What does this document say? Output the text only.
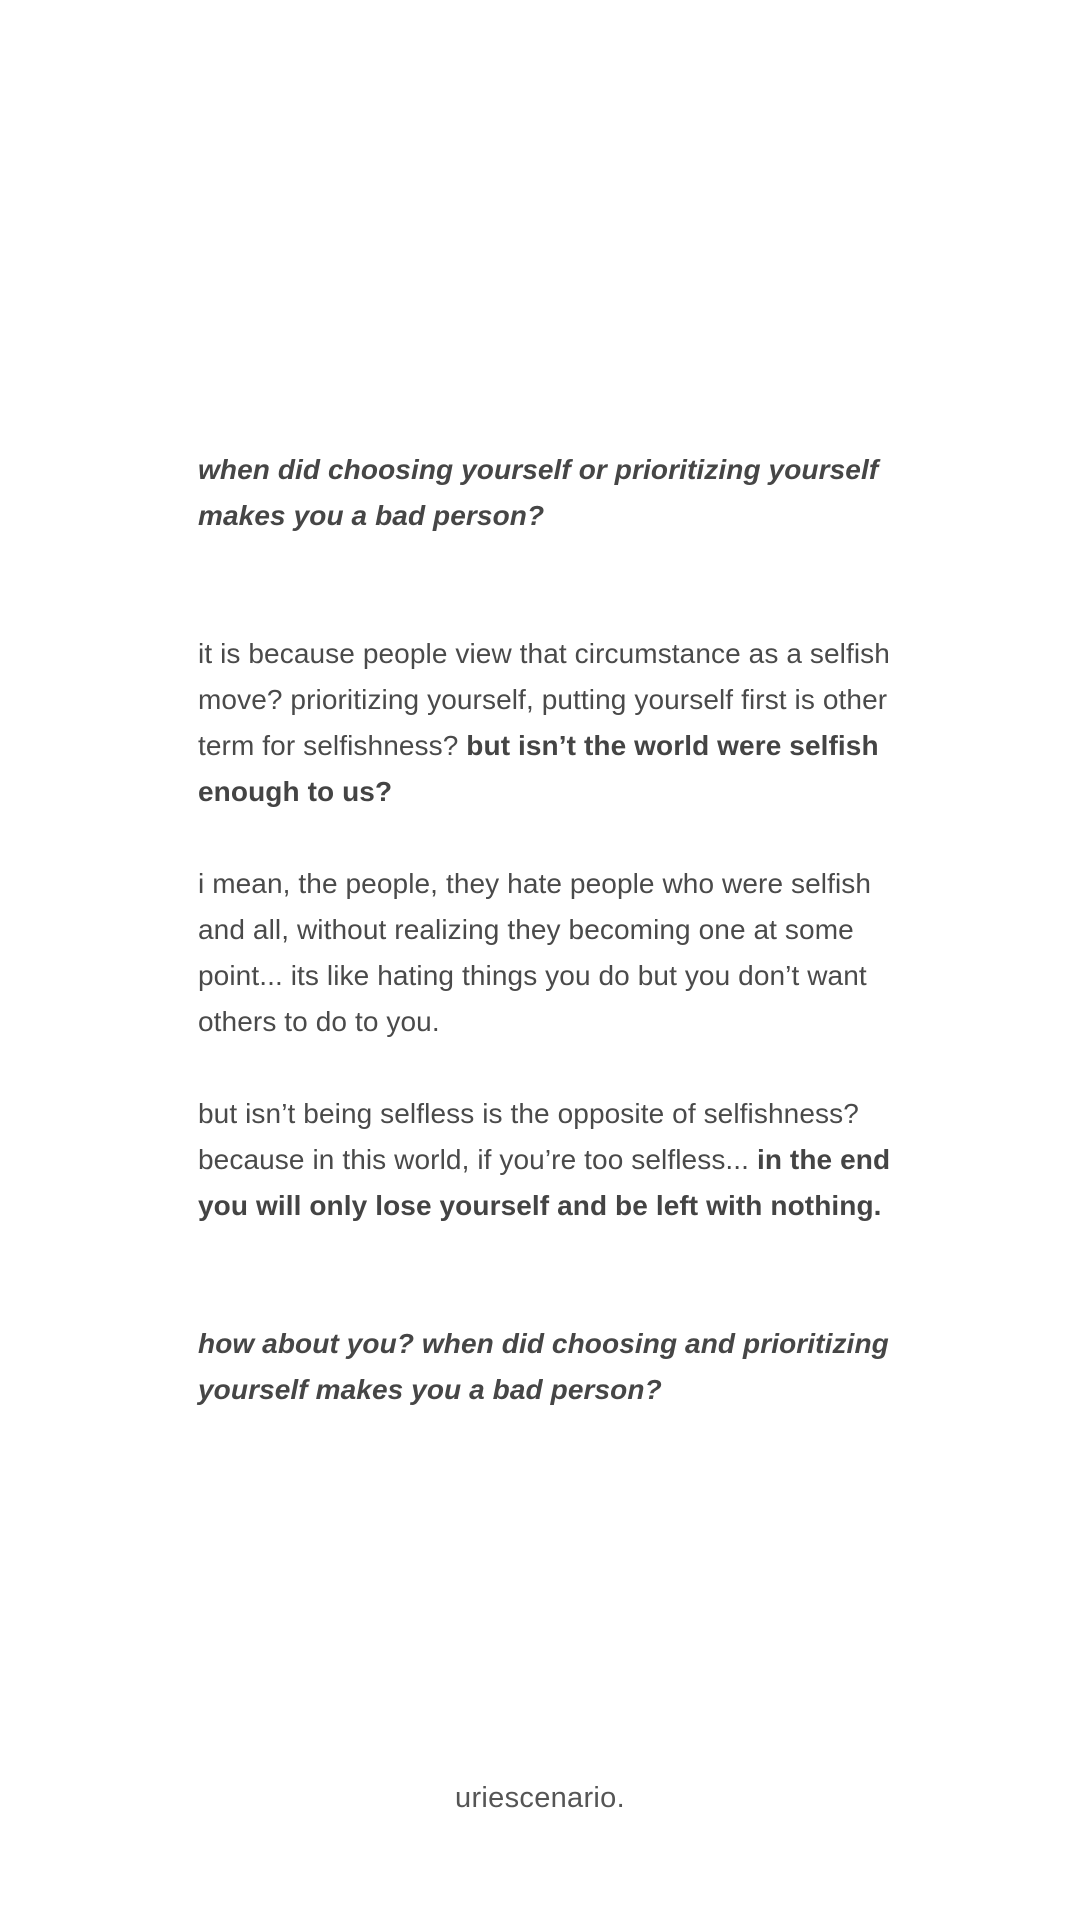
when did choosing yourself or prioritizing yourself makes you a bad person?

it is because people view that circumstance as a selfish move? prioritizing yourself, putting yourself first is other term for selfishness? but isn’t the world were selfish enough to us?

i mean, the people, they hate people who were selfish and all, without realizing they becoming one at some point... its like hating things you do but you don’t want others to do to you.

but isn’t being selfless is the opposite of selfishness? because in this world, if you’re too selfless... in the end you will only lose yourself and be left with nothing.

how about you? when did choosing and prioritizing yourself makes you a bad person?

uriescenario.
